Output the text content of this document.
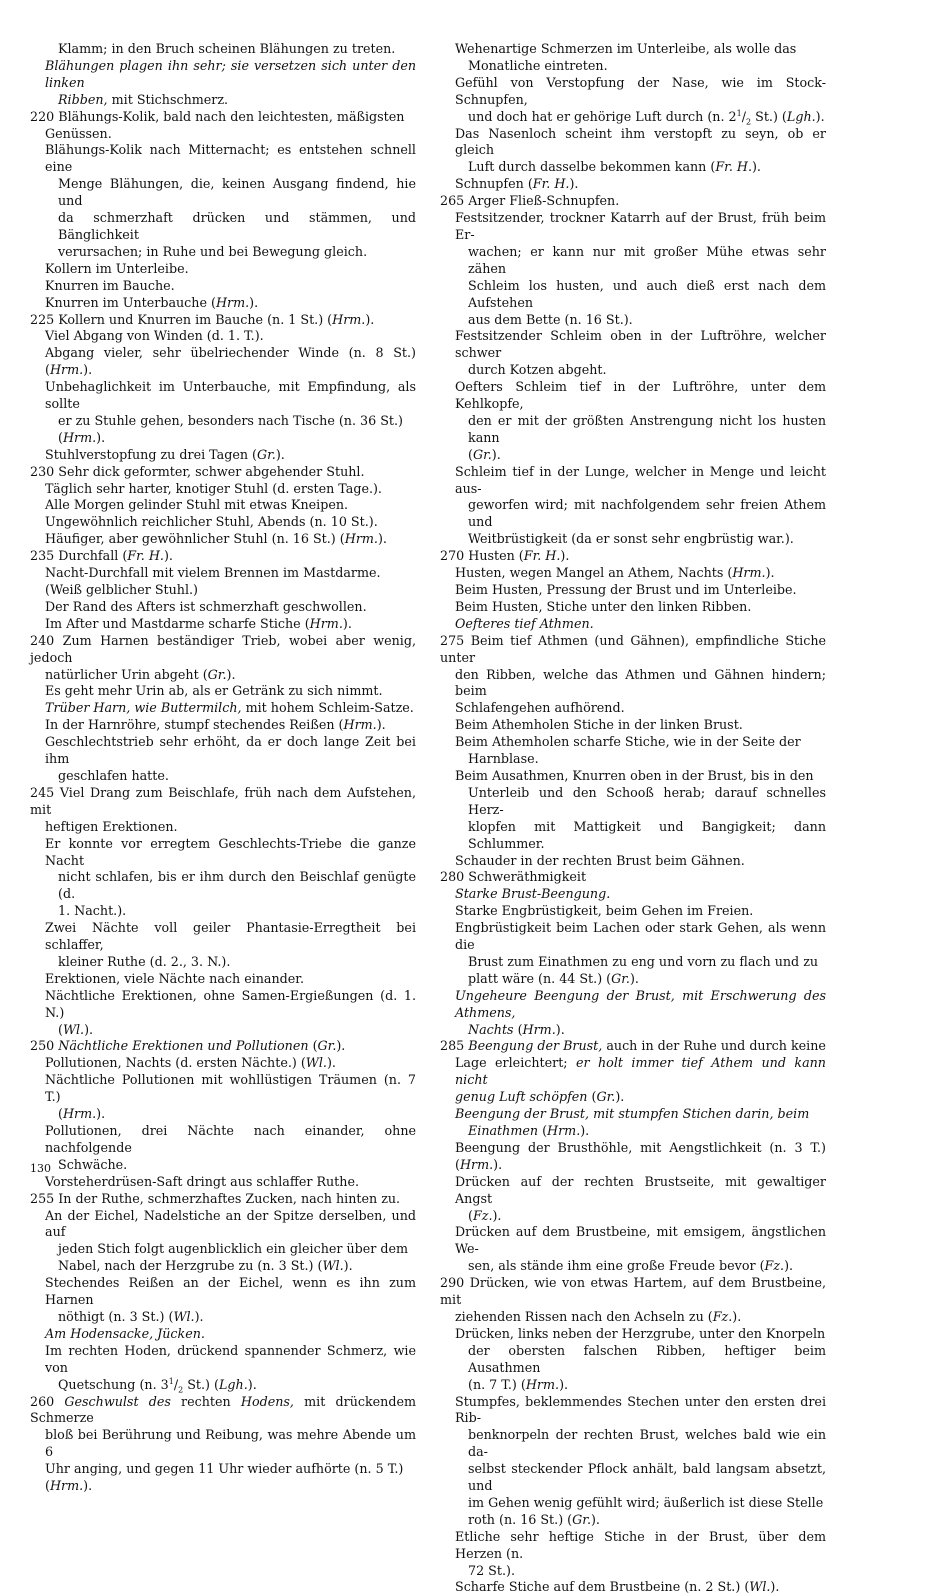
Klamm; in den Bruch scheinen Blähungen zu treten.

Blähungen plagen ihn sehr; sie versetzen sich unter den linken
Ribben, mit Stichschmerz.

220 Blähungs-Kolik, bald nach den leichtesten, mäßigsten
Genüssen.

Blähungs-Kolik nach Mitternacht; es entstehen schnell eine
Menge Blähungen, die, keinen Ausgang findend, hie und
da schmerzhaft drücken und stämmen, und Bänglichkeit
verursachen; in Ruhe und bei Bewegung gleich.

Kollern im Unterleibe.

Knurren im Bauche.

Knurren im Unterbauche (Hrm.).

225 Kollern und Knurren im Bauche (n. 1 St.) (Hrm.).

Viel Abgang von Winden (d. 1. T.).

Abgang vieler, sehr übelriechender Winde (n. 8 St.) (Hrm.).

Unbehaglichkeit im Unterbauche, mit Empfindung, als sollte
er zu Stuhle gehen, besonders nach Tische (n. 36 St.)
(Hrm.).

Stuhlverstopfung zu drei Tagen (Gr.).

230 Sehr dick geformter, schwer abgehender Stuhl.

Täglich sehr harter, knotiger Stuhl (d. ersten Tage.).

Alle Morgen gelinder Stuhl mit etwas Kneipen.

Ungewöhnlich reichlicher Stuhl, Abends (n. 10 St.).

Häufiger, aber gewöhnlicher Stuhl (n. 16 St.) (Hrm.).

235 Durchfall (Fr. H.).

Nacht-Durchfall mit vielem Brennen im Mastdarme.
(Weiß gelblicher Stuhl.)

Der Rand des Afters ist schmerzhaft geschwollen.

Im After und Mastdarme scharfe Stiche (Hrm.).

240 Zum Harnen beständiger Trieb, wobei aber wenig, jedoch
natürlicher Urin abgeht (Gr.).

Es geht mehr Urin ab, als er Getränk zu sich nimmt.

Trüber Harn, wie Buttermilch, mit hohem Schleim-Satze.

In der Harnröhre, stumpf stechendes Reißen (Hrm.).

Geschlechtstrieb sehr erhöht, da er doch lange Zeit bei ihm
geschlafen hatte.

245 Viel Drang zum Beischlafe, früh nach dem Aufstehen, mit
heftigen Erektionen.

Er konnte vor erregtem Geschlechts-Triebe die ganze Nacht
nicht schlafen, bis er ihm durch den Beischlaf genügte (d.
1. Nacht.).

Zwei Nächte voll geiler Phantasie-Erregtheit bei schlaffer,
kleiner Ruthe (d. 2., 3. N.).

Erektionen, viele Nächte nach einander.

Nächtliche Erektionen, ohne Samen-Ergießungen (d. 1. N.)
(Wl.).

250 Nächtliche Erektionen und Pollutionen (Gr.).

Pollutionen, Nachts (d. ersten Nächte.) (Wl.).

Nächtliche Pollutionen mit wohllüstigen Träumen (n. 7 T.)
(Hrm.).

Pollutionen, drei Nächte nach einander, ohne nachfolgende
Schwäche.

Vorsteherdrüsen-Saft dringt aus schlaffer Ruthe.

255 In der Ruthe, schmerzhaftes Zucken, nach hinten zu.

An der Eichel, Nadelstiche an der Spitze derselben, und auf
jeden Stich folgt augenblicklich ein gleicher über dem
Nabel, nach der Herzgrube zu (n. 3 St.) (Wl.).

Stechendes Reißen an der Eichel, wenn es ihn zum Harnen
nöthigt (n. 3 St.) (Wl.).

Am Hodensacke, Jücken.

Im rechten Hoden, drückend spannender Schmerz, wie von
Quetschung (n. $3^1/_2$ St.) (Lgh.).

260 Geschwulst des rechten Hodens, mit drückendem Schmerze
bloß bei Berührung und Reibung, was mehre Abende um 6
Uhr anging, und gegen 11 Uhr wieder aufhörte (n. 5 T.)
(Hrm.).

Wehenartige Schmerzen im Unterleibe, als wolle das
Monatliche eintreten.

Gefühl von Verstopfung der Nase, wie im Stock-Schnupfen,
und doch hat er gehörige Luft durch (n. $2^1/_2$ St.) (Lgh.).

Das Nasenloch scheint ihm verstopft zu seyn, ob er gleich
Luft durch dasselbe bekommen kann (Fr. H.).

Schnupfen (Fr. H.).

265 Arger Fließ-Schnupfen.

Festsitzender, trockner Katarrh auf der Brust, früh beim Er-
wachen; er kann nur mit großer Mühe etwas sehr zähen
Schleim los husten, und auch dieß erst nach dem Aufstehen
aus dem Bette (n. 16 St.).

Festsitzender Schleim oben in der Luftröhre, welcher schwer
durch Kotzen abgeht.

Oefters Schleim tief in der Luftröhre, unter dem Kehlkopfe,
den er mit der größten Anstrengung nicht los husten kann
(Gr.).

Schleim tief in der Lunge, welcher in Menge und leicht aus-
geworfen wird; mit nachfolgendem sehr freien Athem und
Weitbrüstigkeit (da er sonst sehr engbrüstig war.).

270 Husten (Fr. H.).

Husten, wegen Mangel an Athem, Nachts (Hrm.).

Beim Husten, Pressung der Brust und im Unterleibe.

Beim Husten, Stiche unter den linken Ribben.

Oefteres tief Athmen.

275 Beim tief Athmen (und Gähnen), empfindliche Stiche unter
den Ribben, welche das Athmen und Gähnen hindern; beim
Schlafengehen aufhörend.

Beim Athemholen Stiche in der linken Brust.

Beim Athemholen scharfe Stiche, wie in der Seite der
Harnblase.

Beim Ausathmen, Knurren oben in der Brust, bis in den
Unterleib und den Schooß herab; darauf schnelles Herz-
klopfen mit Mattigkeit und Bangigkeit; dann Schlummer.

Schauder in der rechten Brust beim Gähnen.

280 Schweräthmigkeit

Starke Brust-Beengung.

Starke Engbrüstigkeit, beim Gehen im Freien.

Engbrüstigkeit beim Lachen oder stark Gehen, als wenn die
Brust zum Einathmen zu eng und vorn zu flach und zu
platt wäre (n. 44 St.) (Gr.).

Ungeheure Beengung der Brust, mit Erschwerung des Athmens,
Nachts (Hrm.).

285 Beengung der Brust, auch in der Ruhe und durch keine
Lage erleichtert; er holt immer tief Athem und kann nicht
genug Luft schöpfen (Gr.).

Beengung der Brust, mit stumpfen Stichen darin, beim
Einathmen (Hrm.).

Beengung der Brusthöhle, mit Aengstlichkeit (n. 3 T.) (Hrm.).

Drücken auf der rechten Brustseite, mit gewaltiger Angst
(Fz.).

Drücken auf dem Brustbeine, mit emsigem, ängstlichen We-
sen, als stände ihm eine große Freude bevor (Fz.).

290 Drücken, wie von etwas Hartem, auf dem Brustbeine, mit
ziehenden Rissen nach den Achseln zu (Fz.).

Drücken, links neben der Herzgrube, unter den Knorpeln
der obersten falschen Ribben, heftiger beim Ausathmen
(n. 7 T.) (Hrm.).

Stumpfes, beklemmendes Stechen unter den ersten drei Rib-
benknorpeln der rechten Brust, welches bald wie ein da-
selbst steckender Pflock anhält, bald langsam absetzt, und
im Gehen wenig gefühlt wird; äußerlich ist diese Stelle
roth (n. 16 St.) (Gr.).

Etliche sehr heftige Stiche in der Brust, über dem Herzen (n.
72 St.).

Scharfe Stiche auf dem Brustbeine (n. 2 St.) (Wl.).

130
